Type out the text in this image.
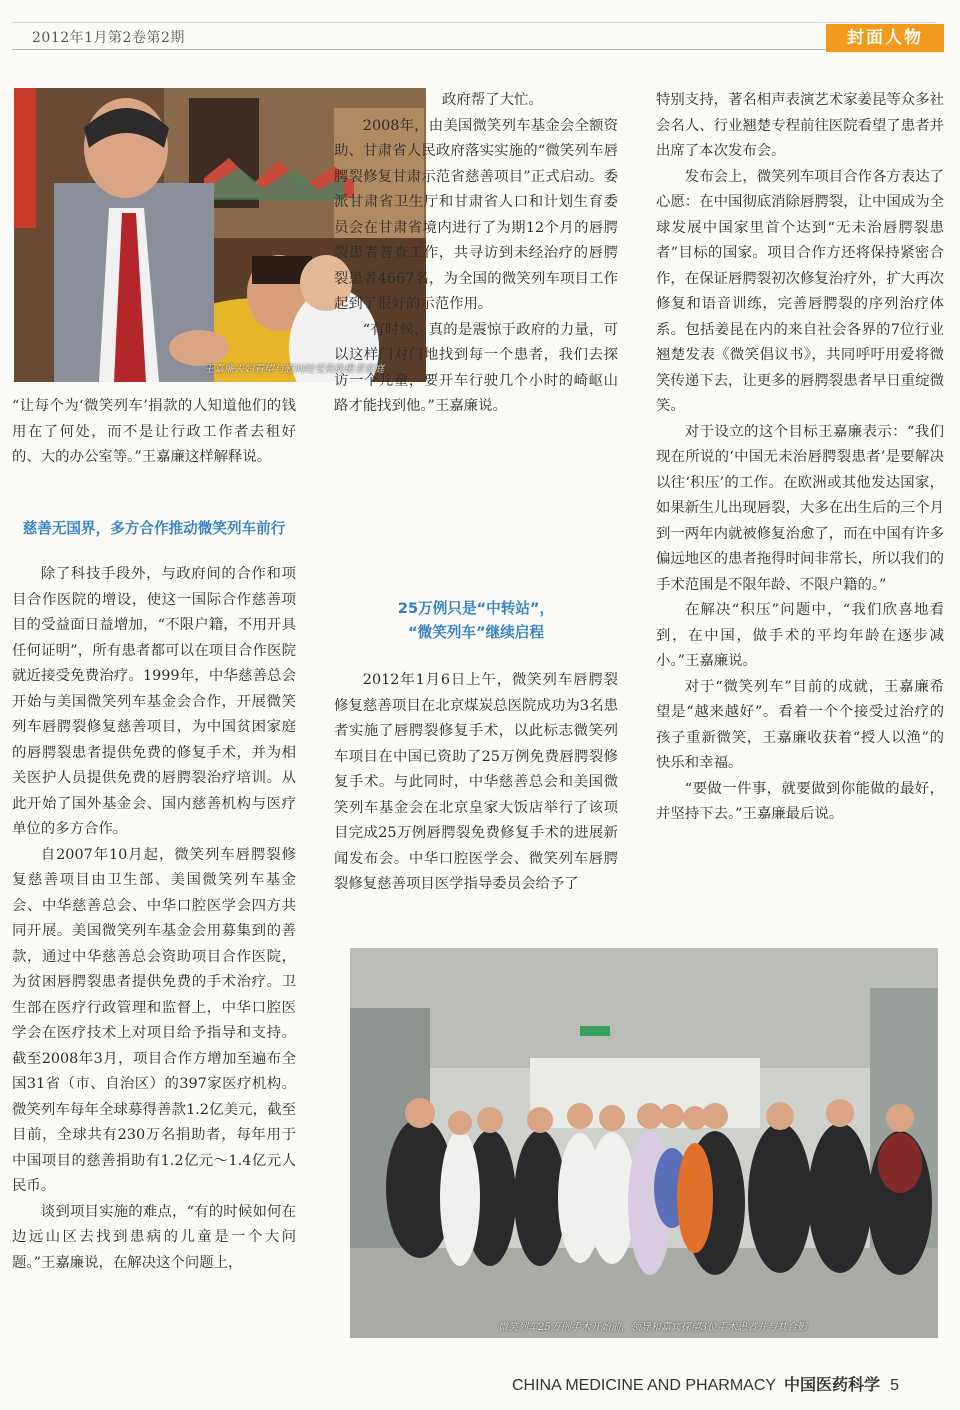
2012年1月第2卷第2期	封面人物
王嘉廉夫妇看望与慰问经受资助患者家庭

“让每个为‘微笑列车’捐款的人知道他们的钱用在了何处，而不是让行政工作者去租好的、大的办公室等。”王嘉廉这样解释说。

慈善无国界，多方合作推动微笑列车前行

除了科技手段外，与政府间的合作和项目合作医院的增设，使这一国际合作慈善项目的受益面日益增加，“不限户籍，不用开具任何证明”，所有患者都可以在项目合作医院就近接受免费治疗。1999年，中华慈善总会开始与美国微笑列车基金会合作，开展微笑列车唇腭裂修复慈善项目，为中国贫困家庭的唇腭裂患者提供免费的修复手术，并为相关医护人员提供免费的唇腭裂治疗培训。从此开始了国外基金会、国内慈善机构与医疗单位的多方合作。

自2007年10月起，微笑列车唇腭裂修复慈善项目由卫生部、美国微笑列车基金会、中华慈善总会、中华口腔医学会四方共同开展。美国微笑列车基金会用募集到的善款，通过中华慈善总会资助项目合作医院，为贫困唇腭裂患者提供免费的手术治疗。卫生部在医疗行政管理和监督上，中华口腔医学会在医疗技术上对项目给予指导和支持。截至2008年3月，项目合作方增加至遍布全国31省（市、自治区）的397家医疗机构。微笑列车每年全球募得善款1.2亿美元，截至目前，全球共有230万名捐助者，每年用于中国项目的慈善捐助有1.2亿元～1.4亿元人民币。

谈到项目实施的难点，“有的时候如何在边远山区去找到患病的儿童是一个大问题。”王嘉廉说，在解决这个问题上，

政府帮了大忙。

2008年，由美国微笑列车基金会全额资助、甘肃省人民政府落实实施的“微笑列车唇腭裂修复甘肃示范省慈善项目”正式启动。委派甘肃省卫生厅和甘肃省人口和计划生育委员会在甘肃省境内进行了为期12个月的唇腭裂患者普查工作，共寻访到未经治疗的唇腭裂患者4667名，为全国的微笑列车项目工作起到了很好的示范作用。

“有时候，真的是震惊于政府的力量，可以这样门对门地找到每一个患者，我们去探访一个儿童，要开车行驶几个小时的崎岖山路才能找到他。”王嘉廉说。

25万例只是“中转站”，
“微笑列车”继续启程

2012年1月6日上午，微笑列车唇腭裂修复慈善项目在北京煤炭总医院成功为3名患者实施了唇腭裂修复手术，以此标志微笑列车项目在中国已资助了25万例免费唇腭裂修复手术。与此同时，中华慈善总会和美国微笑列车基金会在北京皇家大饭店举行了该项目完成25万例唇腭裂免费修复手术的进展新闻发布会。中华口腔医学会、微笑列车唇腭裂修复慈善项目医学指导委员会给予了

特别支持，著名相声表演艺术家姜昆等众多社会名人、行业翘楚专程前往医院看望了患者并出席了本次发布会。

发布会上，微笑列车项目合作各方表达了心愿：在中国彻底消除唇腭裂，让中国成为全球发展中国家里首个达到“无未治唇腭裂患者”目标的国家。项目合作方还将保持紧密合作，在保证唇腭裂初次修复治疗外，扩大再次修复和语音训练，完善唇腭裂的序列治疗体系。包括姜昆在内的来自社会各界的7位行业翘楚发表《微笑倡议书》，共同呼吁用爱将微笑传递下去，让更多的唇腭裂患者早日重绽微笑。

对于设立的这个目标王嘉廉表示：“我们现在所说的‘中国无未治唇腭裂患者’是要解决以往‘积压’的工作。在欧洲或其他发达国家，如果新生儿出现唇裂，大多在出生后的三个月到一两年内就被修复治愈了，而在中国有许多偏远地区的患者拖得时间非常长，所以我们的手术范围是不限年龄、不限户籍的。”

在解决“积压”问题中，“我们欣喜地看到，在中国，做手术的平均年龄在逐步减小。”王嘉廉说。

对于“微笑列车”目前的成就，王嘉廉希望是“越来越好”。看着一个个接受过治疗的孩子重新微笑，王嘉廉收获着“授人以渔”的快乐和幸福。

“要做一件事，就要做到你能做的最好，并坚持下去。”王嘉廉最后说。

微笑列车25万例手术开始前，领导和嘉宾探望3位手术患者并与其合影
CHINA MEDICINE AND PHARMACY 中国医药科学 5
